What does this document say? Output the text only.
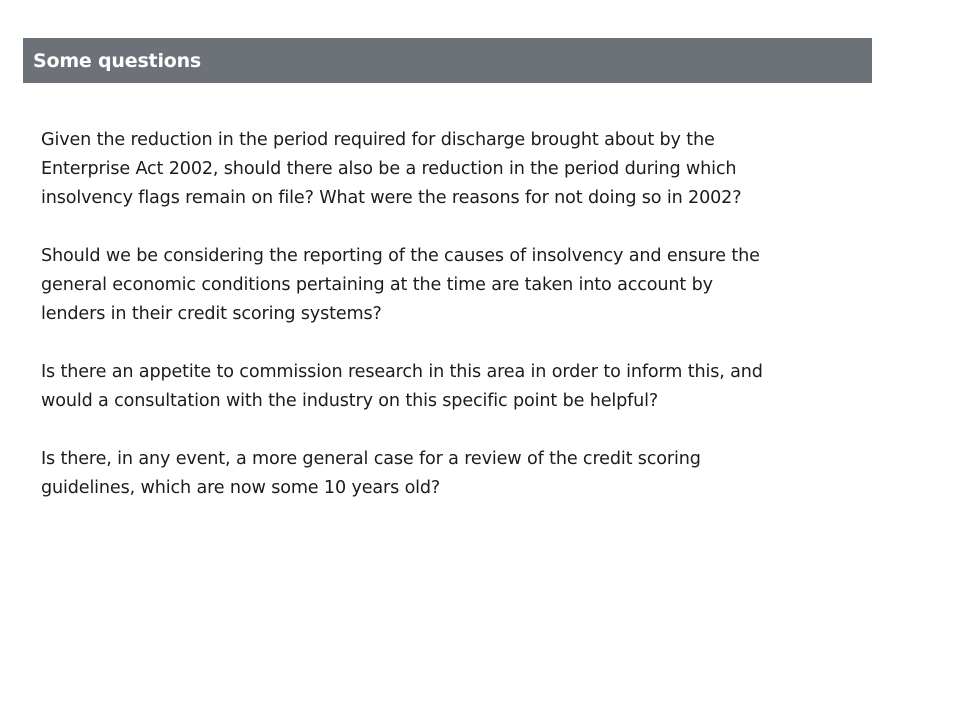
Some questions

Given the reduction in the period required for discharge brought about by the
Enterprise Act 2002, should there also be a reduction in the period during which
insolvency flags remain on file? What were the reasons for not doing so in 2002?

Should we be considering the reporting of the causes of insolvency and ensure the
general economic conditions pertaining at the time are taken into account by
lenders in their credit scoring systems?

Is there an appetite to commission research in this area in order to inform this, and
would a consultation with the industry on this specific point be helpful?

Is there, in any event, a more general case for a review of the credit scoring
guidelines, which are now some 10 years old?
